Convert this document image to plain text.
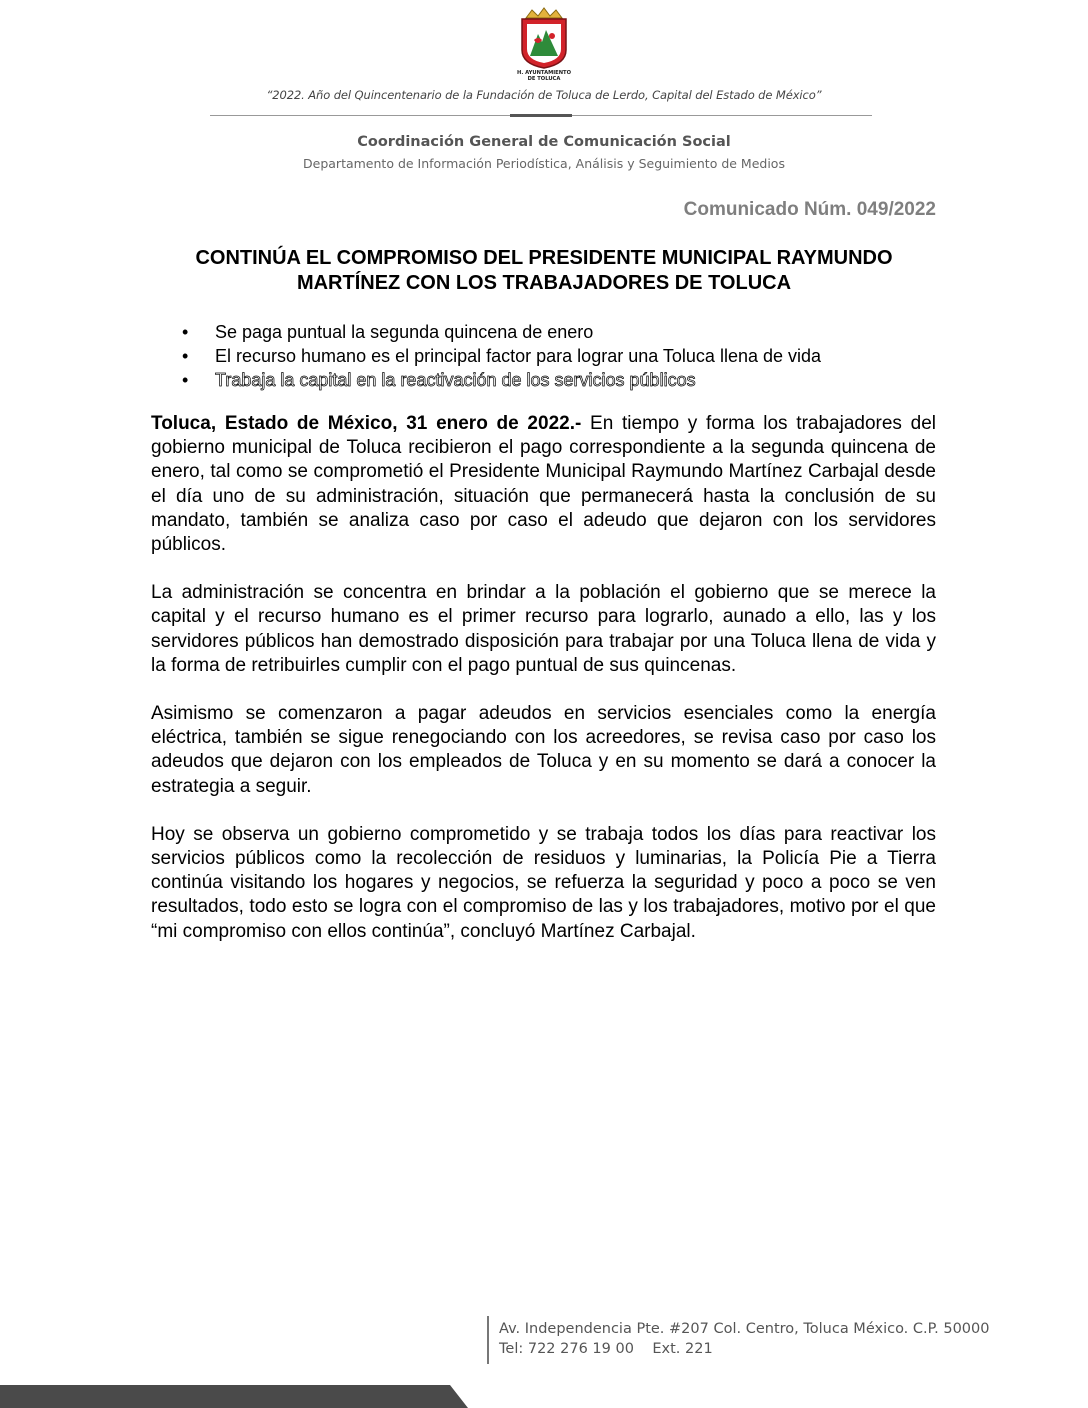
H. AYUNTAMIENTO
DE TOLUCA
“2022. Año del Quincentenario de la Fundación de Toluca de Lerdo, Capital del Estado de México”
Coordinación General de Comunicación Social
Departamento de Información Periodística, Análisis y Seguimiento de Medios
Comunicado Núm. 049/2022
CONTINÚA EL COMPROMISO DEL PRESIDENTE MUNICIPAL RAYMUNDO MARTÍNEZ CON LOS TRABAJADORES DE TOLUCA
• Se paga puntual la segunda quincena de enero
• El recurso humano es el principal factor para lograr una Toluca llena de vida
• Trabaja la capital en la reactivación de los servicios públicos

Toluca, Estado de México, 31 enero de 2022.- En tiempo y forma los trabajadores del gobierno municipal de Toluca recibieron el pago correspondiente a la segunda quincena de enero, tal como se comprometió el Presidente Municipal Raymundo Martínez Carbajal desde el día uno de su administración, situación que permanecerá hasta la conclusión de su mandato, también se analiza caso por caso el adeudo que dejaron con los servidores públicos.

La administración se concentra en brindar a la población el gobierno que se merece la capital y el recurso humano es el primer recurso para lograrlo, aunado a ello, las y los servidores públicos han demostrado disposición para trabajar por una Toluca llena de vida y la forma de retribuirles cumplir con el pago puntual de sus quincenas.

Asimismo se comenzaron a pagar adeudos en servicios esenciales como la energía eléctrica, también se sigue renegociando con los acreedores, se revisa caso por caso los adeudos que dejaron con los empleados de Toluca y en su momento se dará a conocer la estrategia a seguir.

Hoy se observa un gobierno comprometido y se trabaja todos los días para reactivar los servicios públicos como la recolección de residuos y luminarias, la Policía Pie a Tierra continúa visitando los hogares y negocios, se refuerza la seguridad y poco a poco se ven resultados, todo esto se logra con el compromiso de las y los trabajadores, motivo por el que “mi compromiso con ellos continúa”, concluyó Martínez Carbajal.

Av. Independencia Pte. #207 Col. Centro, Toluca México. C.P. 50000
Tel: 722 276 19 00    Ext. 221
